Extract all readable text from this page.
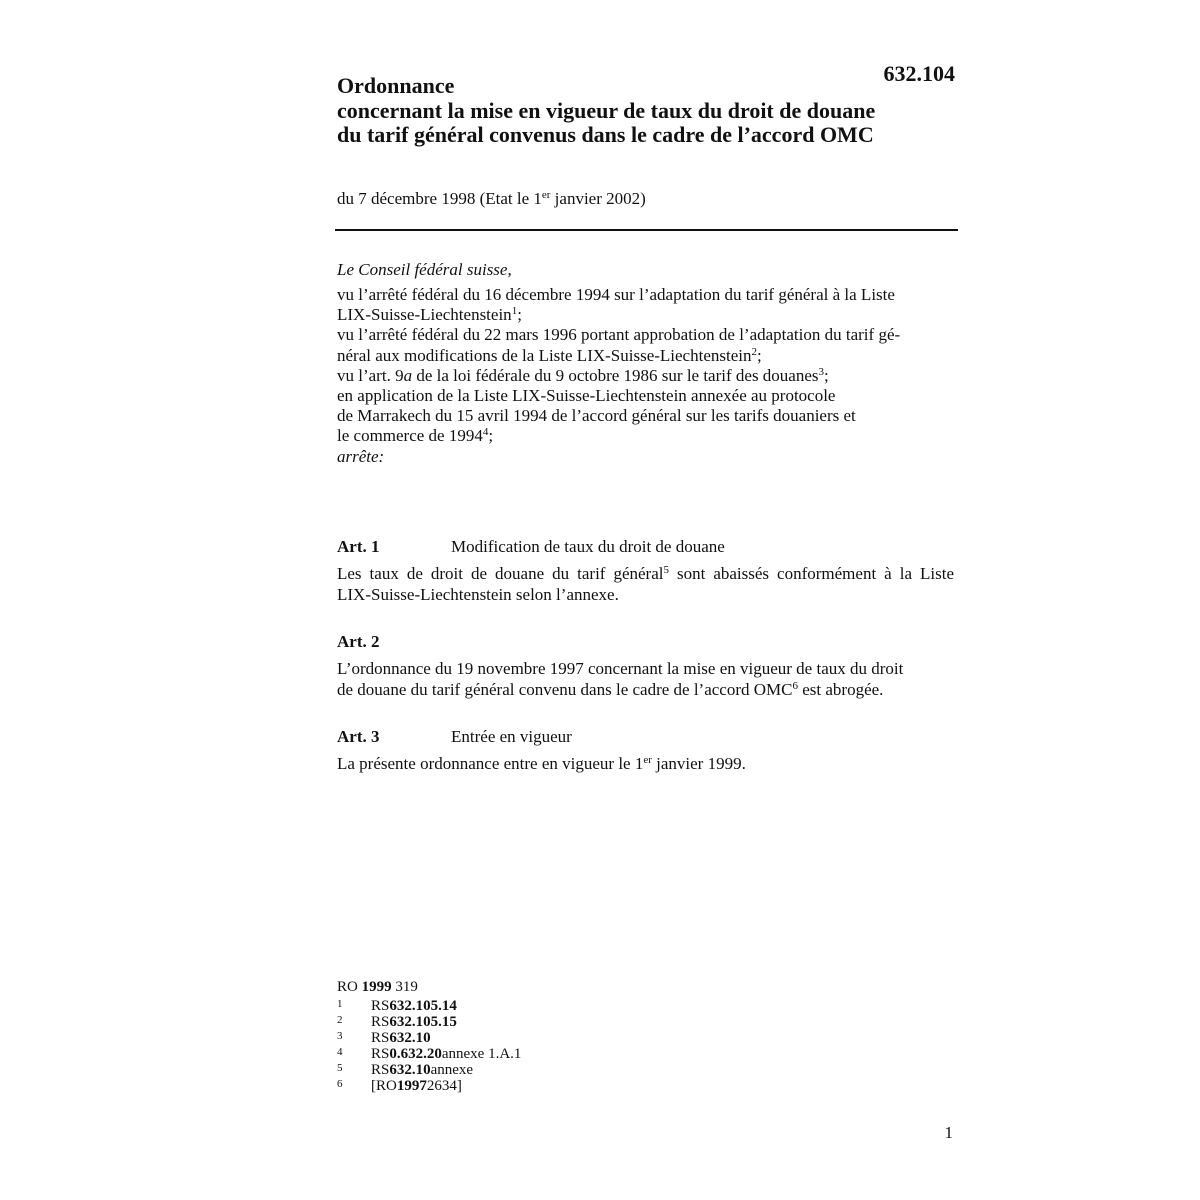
632.104
Ordonnance
concernant la mise en vigueur de taux du droit de douane
du tarif général convenus dans le cadre de l’accord OMC
du 7 décembre 1998 (Etat le 1er janvier 2002)
Le Conseil fédéral suisse,
vu l’arrêté fédéral du 16 décembre 1994 sur l’adaptation du tarif général à la Liste
LIX-Suisse-Liechtenstein$^1$;
vu l’arrêté fédéral du 22 mars 1996 portant approbation de l’adaptation du tarif gé-
néral aux modifications de la Liste LIX-Suisse-Liechtenstein$^2$;
vu l’art. 9a de la loi fédérale du 9 octobre 1986 sur le tarif des douanes$^3$;
en application de la Liste LIX-Suisse-Liechtenstein annexée au protocole
de Marrakech du 15 avril 1994 de l’accord général sur les tarifs douaniers et
le commerce de 1994$^4$;
arrête:
Art. 1	Modification de taux du droit de douane
Les taux de droit de douane du tarif général$^5$ sont abaissés conformément à la Liste
LIX-Suisse-Liechtenstein selon l’annexe.
Art. 2
L’ordonnance du 19 novembre 1997 concernant la mise en vigueur de taux du droit
de douane du tarif général convenu dans le cadre de l’accord OMC$^6$ est abrogée.
Art. 3	Entrée en vigueur
La présente ordonnance entre en vigueur le 1er janvier 1999.
RO 1999 319
1	RS 632.105.14
2	RS 632.105.15
3	RS 632.10
4	RS 0.632.20 annexe 1.A.1
5	RS 632.10 annexe
6	[RO 1997 2634]
1
